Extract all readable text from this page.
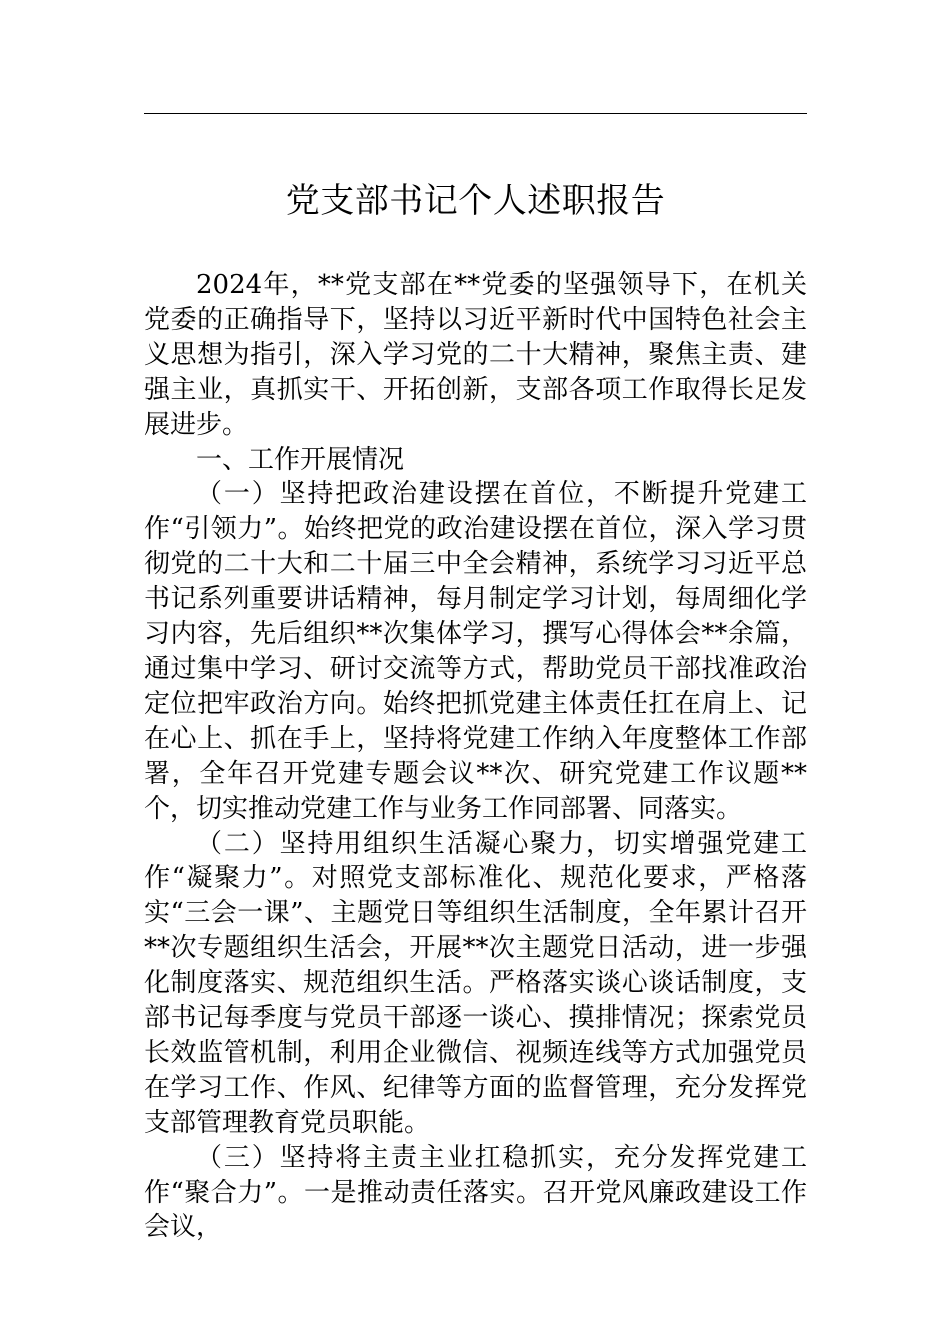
党支部书记个人述职报告

2024年，**党支部在**党委的坚强领导下，在机关党委的正确指导下，坚持以习近平新时代中国特色社会主义思想为指引，深入学习党的二十大精神，聚焦主责、建强主业，真抓实干、开拓创新，支部各项工作取得长足发展进步。

一、工作开展情况

（一）坚持把政治建设摆在首位，不断提升党建工作“引领力”。始终把党的政治建设摆在首位，深入学习贯彻党的二十大和二十届三中全会精神，系统学习习近平总书记系列重要讲话精神，每月制定学习计划，每周细化学习内容，先后组织**次集体学习，撰写心得体会**余篇，通过集中学习、研讨交流等方式，帮助党员干部找准政治定位把牢政治方向。始终把抓党建主体责任扛在肩上、记在心上、抓在手上，坚持将党建工作纳入年度整体工作部署，全年召开党建专题会议**次、研究党建工作议题**个，切实推动党建工作与业务工作同部署、同落实。

（二）坚持用组织生活凝心聚力，切实增强党建工作“凝聚力”。对照党支部标准化、规范化要求，严格落实“三会一课”、主题党日等组织生活制度，全年累计召开**次专题组织生活会，开展**次主题党日活动，进一步强化制度落实、规范组织生活。严格落实谈心谈话制度，支部书记每季度与党员干部逐一谈心、摸排情况；探索党员长效监管机制，利用企业微信、视频连线等方式加强党员在学习工作、作风、纪律等方面的监督管理，充分发挥党支部管理教育党员职能。

（三）坚持将主责主业扛稳抓实，充分发挥党建工作“聚合力”。一是推动责任落实。召开党风廉政建设工作会议，
